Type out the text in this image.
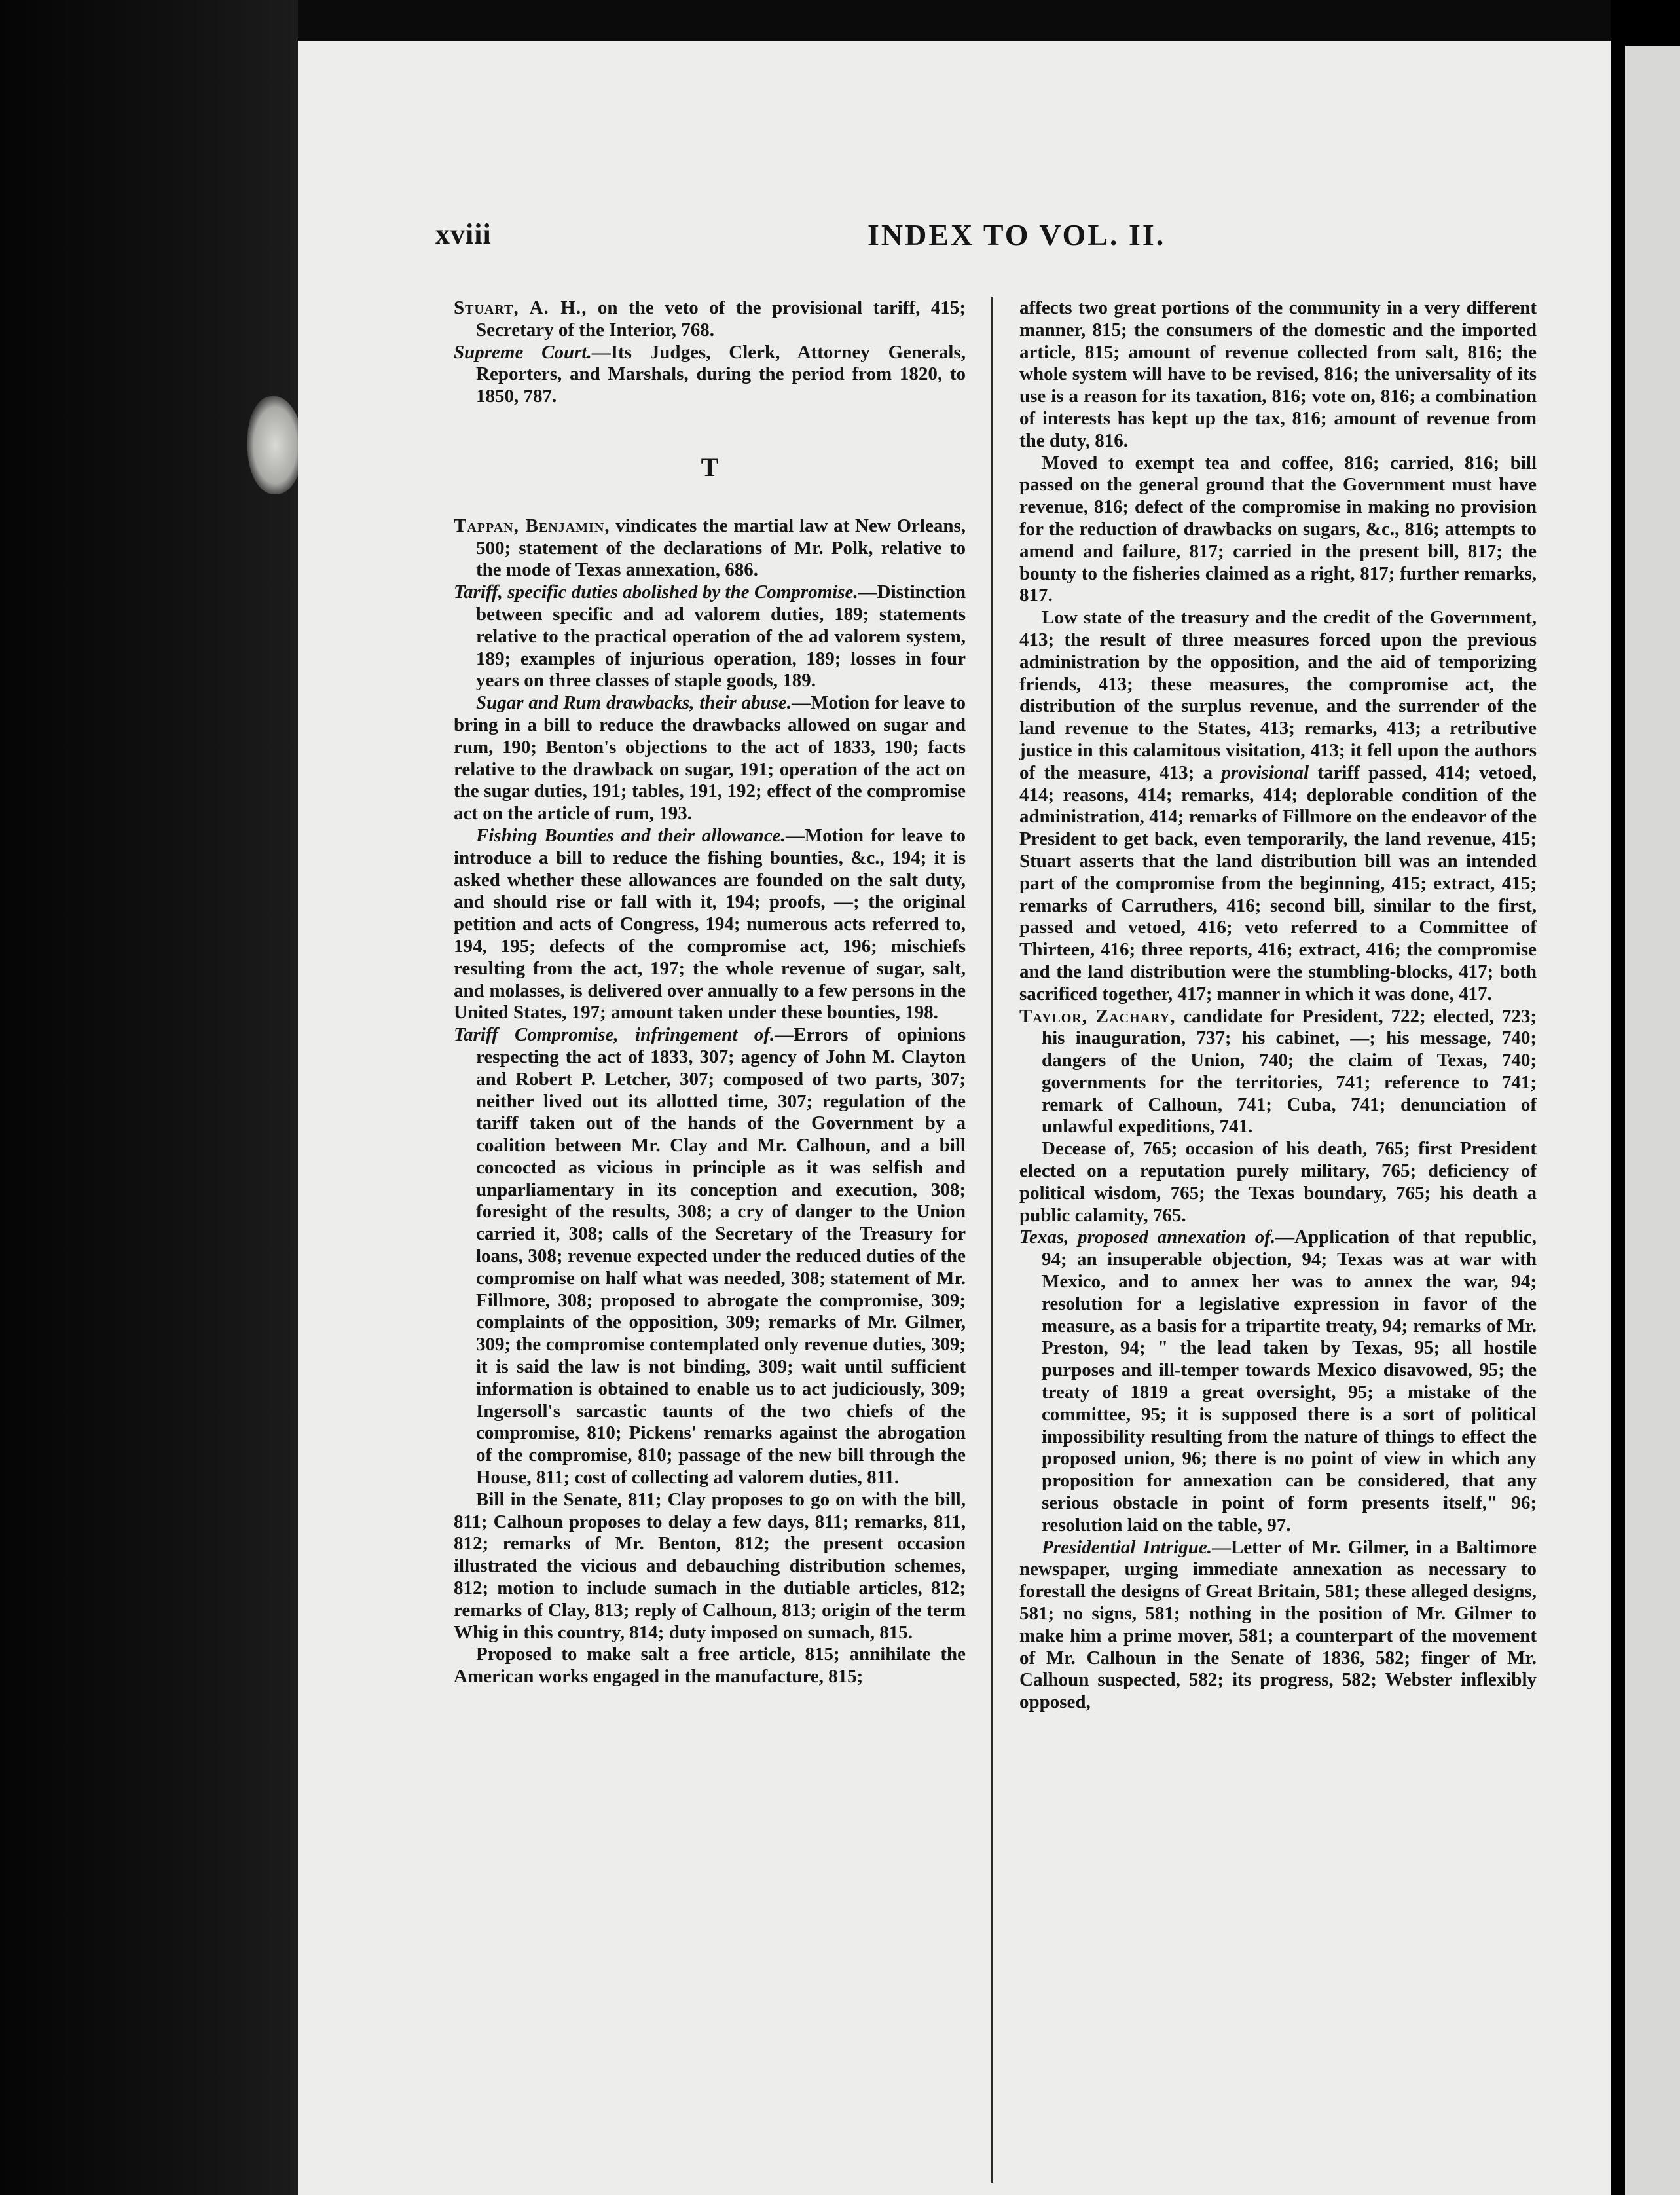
xviii	INDEX TO VOL. II.

Stuart, A. H., on the veto of the provisional tariff, 415; Secretary of the Interior, 768.

Supreme Court.—Its Judges, Clerk, Attorney Generals, Reporters, and Marshals, during the period from 1820, to 1850, 787.

T

Tappan, Benjamin, vindicates the martial law at New Orleans, 500; statement of the declarations of Mr. Polk, relative to the mode of Texas annexation, 686.

Tariff, specific duties abolished by the Compromise.—Distinction between specific and ad valorem duties, 189; statements relative to the practical operation of the ad valorem system, 189; examples of injurious operation, 189; losses in four years on three classes of staple goods, 189.

Sugar and Rum drawbacks, their abuse.—Motion for leave to bring in a bill to reduce the drawbacks allowed on sugar and rum, 190; Benton's objections to the act of 1833, 190; facts relative to the drawback on sugar, 191; operation of the act on the sugar duties, 191; tables, 191, 192; effect of the compromise act on the article of rum, 193.

Fishing Bounties and their allowance.—Motion for leave to introduce a bill to reduce the fishing bounties, &c., 194; it is asked whether these allowances are founded on the salt duty, and should rise or fall with it, 194; proofs, —; the original petition and acts of Congress, 194; numerous acts referred to, 194, 195; defects of the compromise act, 196; mischiefs resulting from the act, 197; the whole revenue of sugar, salt, and molasses, is delivered over annually to a few persons in the United States, 197; amount taken under these bounties, 198.

Tariff Compromise, infringement of.—Errors of opinions respecting the act of 1833, 307; agency of John M. Clayton and Robert P. Letcher, 307; composed of two parts, 307; neither lived out its allotted time, 307; regulation of the tariff taken out of the hands of the Government by a coalition between Mr. Clay and Mr. Calhoun, and a bill concocted as vicious in principle as it was selfish and unparliamentary in its conception and execution, 308; foresight of the results, 308; a cry of danger to the Union carried it, 308; calls of the Secretary of the Treasury for loans, 308; revenue expected under the reduced duties of the compromise on half what was needed, 308; statement of Mr. Fillmore, 308; proposed to abrogate the compromise, 309; complaints of the opposition, 309; remarks of Mr. Gilmer, 309; the compromise contemplated only revenue duties, 309; it is said the law is not binding, 309; wait until sufficient information is obtained to enable us to act judiciously, 309; Ingersoll's sarcastic taunts of the two chiefs of the compromise, 810; Pickens' remarks against the abrogation of the compromise, 810; passage of the new bill through the House, 811; cost of collecting ad valorem duties, 811.

Bill in the Senate, 811; Clay proposes to go on with the bill, 811; Calhoun proposes to delay a few days, 811; remarks, 811, 812; remarks of Mr. Benton, 812; the present occasion illustrated the vicious and debauching distribution schemes, 812; motion to include sumach in the dutiable articles, 812; remarks of Clay, 813; reply of Calhoun, 813; origin of the term Whig in this country, 814; duty imposed on sumach, 815.

Proposed to make salt a free article, 815; annihilate the American works engaged in the manufacture, 815;

affects two great portions of the community in a very different manner, 815; the consumers of the domestic and the imported article, 815; amount of revenue collected from salt, 816; the whole system will have to be revised, 816; the universality of its use is a reason for its taxation, 816; vote on, 816; a combination of interests has kept up the tax, 816; amount of revenue from the duty, 816.

Moved to exempt tea and coffee, 816; carried, 816; bill passed on the general ground that the Government must have revenue, 816; defect of the compromise in making no provision for the reduction of drawbacks on sugars, &c., 816; attempts to amend and failure, 817; carried in the present bill, 817; the bounty to the fisheries claimed as a right, 817; further remarks, 817.

Low state of the treasury and the credit of the Government, 413; the result of three measures forced upon the previous administration by the opposition, and the aid of temporizing friends, 413; these measures, the compromise act, the distribution of the surplus revenue, and the surrender of the land revenue to the States, 413; remarks, 413; a retributive justice in this calamitous visitation, 413; it fell upon the authors of the measure, 413; a provisional tariff passed, 414; vetoed, 414; reasons, 414; remarks, 414; deplorable condition of the administration, 414; remarks of Fillmore on the endeavor of the President to get back, even temporarily, the land revenue, 415; Stuart asserts that the land distribution bill was an intended part of the compromise from the beginning, 415; extract, 415; remarks of Carruthers, 416; second bill, similar to the first, passed and vetoed, 416; veto referred to a Committee of Thirteen, 416; three reports, 416; extract, 416; the compromise and the land distribution were the stumbling-blocks, 417; both sacrificed together, 417; manner in which it was done, 417.

Taylor, Zachary, candidate for President, 722; elected, 723; his inauguration, 737; his cabinet, —; his message, 740; dangers of the Union, 740; the claim of Texas, 740; governments for the territories, 741; reference to 741; remark of Calhoun, 741; Cuba, 741; denunciation of unlawful expeditions, 741.

Decease of, 765; occasion of his death, 765; first President elected on a reputation purely military, 765; deficiency of political wisdom, 765; the Texas boundary, 765; his death a public calamity, 765.

Texas, proposed annexation of.—Application of that republic, 94; an insuperable objection, 94; Texas was at war with Mexico, and to annex her was to annex the war, 94; resolution for a legislative expression in favor of the measure, as a basis for a tripartite treaty, 94; remarks of Mr. Preston, 94; " the lead taken by Texas, 95; all hostile purposes and ill-temper towards Mexico disavowed, 95; the treaty of 1819 a great oversight, 95; a mistake of the committee, 95; it is supposed there is a sort of political impossibility resulting from the nature of things to effect the proposed union, 96; there is no point of view in which any proposition for annexation can be considered, that any serious obstacle in point of form presents itself," 96; resolution laid on the table, 97.

Presidential Intrigue.—Letter of Mr. Gilmer, in a Baltimore newspaper, urging immediate annexation as necessary to forestall the designs of Great Britain, 581; these alleged designs, 581; no signs, 581; nothing in the position of Mr. Gilmer to make him a prime mover, 581; a counterpart of the movement of Mr. Calhoun in the Senate of 1836, 582; finger of Mr. Calhoun suspected, 582; its progress, 582; Webster inflexibly opposed,
